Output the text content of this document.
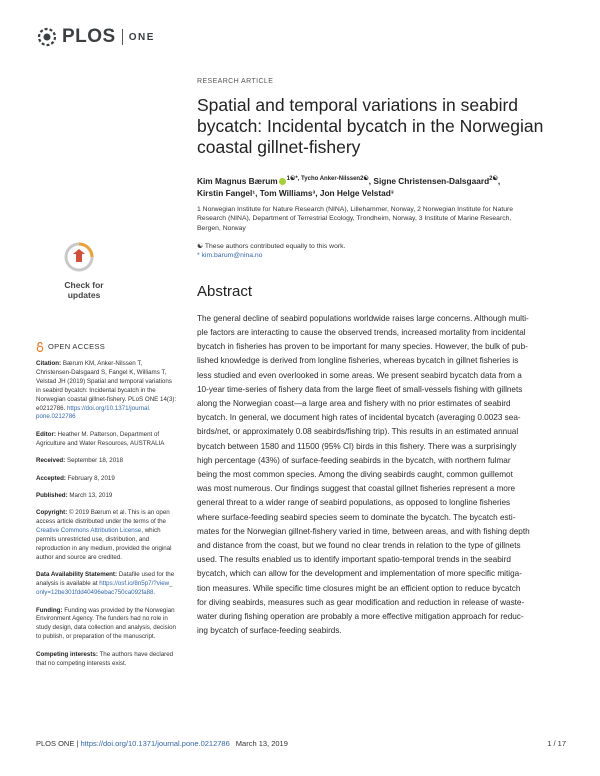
PLOS ONE
Check for
updates
OPEN ACCESS
Citation: Bærum KM, Anker-Nilssen T,
Christensen-Dalsgaard S, Fangel K, Williams T,
Velstad JH (2019) Spatial and temporal variations
in seabird bycatch: Incidental bycatch in the
Norwegian coastal gillnet-fishery. PLoS ONE 14(3):
e0212786. https://doi.org/10.1371/journal.
pone.0212786
Editor: Heather M. Patterson, Department of
Agriculture and Water Resources, AUSTRALIA
Received: September 18, 2018
Accepted: February 8, 2019
Published: March 13, 2019
Copyright: © 2019 Bærum et al. This is an open
access article distributed under the terms of the
Creative Commons Attribution License, which
permits unrestricted use, distribution, and
reproduction in any medium, provided the original
author and source are credited.
Data Availability Statement: Datafile used for the
analysis is available at https://osf.io/8n5p7/?view_
only=12be301fdd40496ebac750ca092fa88.
Funding: Funding was provided by the Norwegian
Environment Agency. The funders had no role in
study design, data collection and analysis, decision
to publish, or preparation of the manuscript.
Competing interests: The authors have declared
that no competing interests exist.
RESEARCH ARTICLE
Spatial and temporal variations in seabird
bycatch: Incidental bycatch in the Norwegian
coastal gillnet-fishery
Kim Magnus Bærum $^{1☯*, Tycho Anker-Nilssen2☯}$, Signe Christensen-Dalsgaard$^{2☯}$,
Kirstin Fangel¹, Tom Williams³, Jon Helge Velstad³
1 Norwegian Institute for Nature Research (NINA), Lillehammer, Norway, 2 Norwegian Institute for Nature
Research (NINA), Department of Terrestrial Ecology, Trondheim, Norway, 3 Institute of Marine Research,
Bergen, Norway
☯ These authors contributed equally to this work.
* kim.barum@nina.no
Abstract
The general decline of seabird populations worldwide raises large concerns. Although multi-
ple factors are interacting to cause the observed trends, increased mortality from incidental
bycatch in fisheries has proven to be important for many species. However, the bulk of pub-
lished knowledge is derived from longline fisheries, whereas bycatch in gillnet fisheries is
less studied and even overlooked in some areas. We present seabird bycatch data from a
10-year time-series of fishery data from the large fleet of small-vessels fishing with gillnets
along the Norwegian coast—a large area and fishery with no prior estimates of seabird
bycatch. In general, we document high rates of incidental bycatch (averaging 0.0023 sea-
birds/net, or approximately 0.08 seabirds/fishing trip). This results in an estimated annual
bycatch between 1580 and 11500 (95% CI) birds in this fishery. There was a surprisingly
high percentage (43%) of surface-feeding seabirds in the bycatch, with northern fulmar
being the most common species. Among the diving seabirds caught, common guillemot
was most numerous. Our findings suggest that coastal gillnet fisheries represent a more
general threat to a wider range of seabird populations, as opposed to longline fisheries
where surface-feeding seabird species seem to dominate the bycatch. The bycatch esti-
mates for the Norwegian gillnet-fishery varied in time, between areas, and with fishing depth
and distance from the coast, but we found no clear trends in relation to the type of gillnets
used. The results enabled us to identify important spatio-temporal trends in the seabird
bycatch, which can allow for the development and implementation of more specific mitiga-
tion measures. While specific time closures might be an efficient option to reduce bycatch
for diving seabirds, measures such as gear modification and reduction in release of waste-
water during fishing operation are probably a more effective mitigation approach for reduc-
ing bycatch of surface-feeding seabirds.
PLOS ONE | https://doi.org/10.1371/journal.pone.0212786 March 13, 2019	1 / 17
